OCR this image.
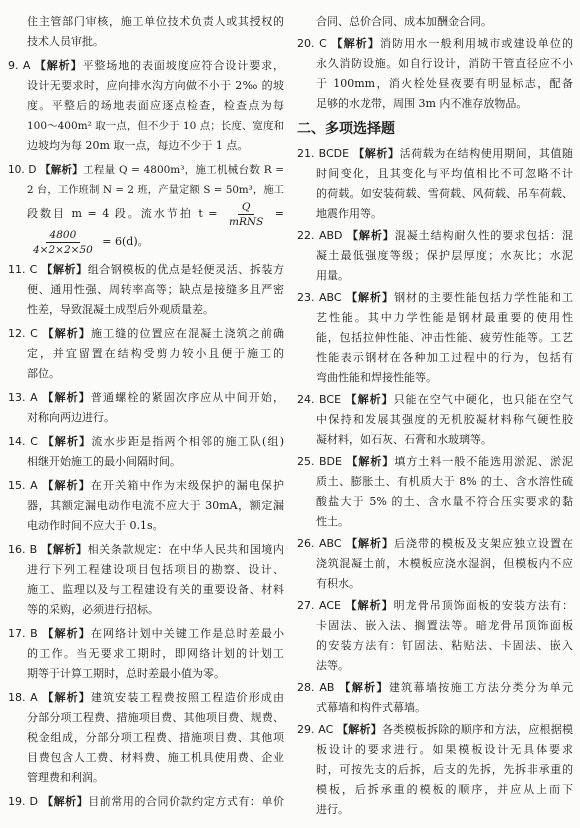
住主管部门审核，施工单位技术负责人或其授权的
技术人员审批。
9. A 【解析】平整场地的表面坡度应符合设计要求，
设计无要求时，应向排水沟方向做不小于 2‰ 的坡
度。平整后的场地表面应逐点检查，检查点为每
100～400m² 取一点，但不少于 10 点；长度、宽度和
边坡均为每 20m 取一点，每边不少于 1 点。
10. D 【解析】工程量 Q = 4800m³，施工机械台数 R =
2 台，工作班制 N = 2 班，产量定额 S = 50m³，施工
段数目 m = 4 段。流水节拍 $t = \frac{Q}{\text{mRNS}}$ =
$\frac{4800}{4\times 2\times 2\times 50} = 6(d)$。
11. C 【解析】组合钢模板的优点是轻便灵活、拆装方
便、通用性强、周转率高等；缺点是接缝多且严密
性差，导致混凝土成型后外观质量差。
12. C 【解析】施工缝的位置应在混凝土浇筑之前确
定，并宜留置在结构受剪力较小且便于施工的
部位。
13. A 【解析】普通螺栓的紧固次序应从中间开始，
对称向两边进行。
14. C 【解析】流水步距是指两个相邻的施工队(组)
相继开始施工的最小间隔时间。
15. A 【解析】在开关箱中作为末级保护的漏电保护
器，其额定漏电动作电流不应大于 30mA，额定漏
电动作时间不应大于 0.1s。
16. B 【解析】相关条款规定：在中华人民共和国境内
进行下列工程建设项目包括项目的勘察、设计、
施工、监理以及与工程建设有关的重要设备、材料
等的采购，必须进行招标。
17. B 【解析】在网络计划中关键工作是总时差最小
的工作。当无要求工期时，即网络计划的计划工
期等于计算工期时，总时差最小值为零。
18. A 【解析】建筑安装工程费按照工程造价形成由
分部分项工程费、措施项目费、其他项目费、规费、
税金组成，分部分项工程费、措施项目费、其他项
目费包含人工费、材料费、施工机具使用费、企业
管理费和利润。
19. D 【解析】目前常用的合同价款约定方式有：单价
合同、总价合同、成本加酬金合同。
20. C 【解析】消防用水一般利用城市或建设单位的
永久消防设施。如自行设计，消防干管直径应不小
于 100mm，消火栓处昼夜要有明显标志，配备
足够的水龙带，周围 3m 内不准存放物品。
二、多项选择题
21. BCDE 【解析】活荷载为在结构使用期间，其值随
时间变化，且其变化与平均值相比不可忽略不计
的荷载。如安装荷载、雪荷载、风荷载、吊车荷载、
地震作用等。
22. ABD 【解析】混凝土结构耐久性的要求包括：混
凝土最低强度等级；保护层厚度；水灰比；水泥
用量。
23. ABC 【解析】钢材的主要性能包括力学性能和工
艺性能。其中力学性能是钢材最重要的使用性
能，包括拉伸性能、冲击性能、疲劳性能等。工艺
性能表示钢材在各种加工过程中的行为，包括有
弯曲性能和焊接性能等。
24. BCE 【解析】只能在空气中硬化，也只能在空气
中保持和发展其强度的无机胶凝材料称气硬性胶
凝材料，如石灰、石膏和水玻璃等。
25. BDE 【解析】填方土料一般不能选用淤泥、淤泥
质土、膨胀土、有机质大于 8% 的土、含水溶性硫
酸盐大于 5% 的土、含水量不符合压实要求的黏
性土。
26. ABC 【解析】后浇带的模板及支架应独立设置在
浇筑混凝土前，木模板应浇水湿润，但模板内不应
有积水。
27. ACE 【解析】明龙骨吊顶饰面板的安装方法有：
卡固法、嵌入法、搁置法等。暗龙骨吊顶饰面板
的安装方法有：钉固法、粘贴法、卡固法、嵌入
法等。
28. AB 【解析】建筑幕墙按施工方法分类分为单元
式幕墙和构件式幕墙。
29. AC 【解析】各类模板拆除的顺序和方法，应根据模
板设计的要求进行。如果模板设计无具体要求
时，可按先支的后拆，后支的先拆，先拆非承重的
模板，后拆承重的模板的顺序，并应从上而下
进行。
